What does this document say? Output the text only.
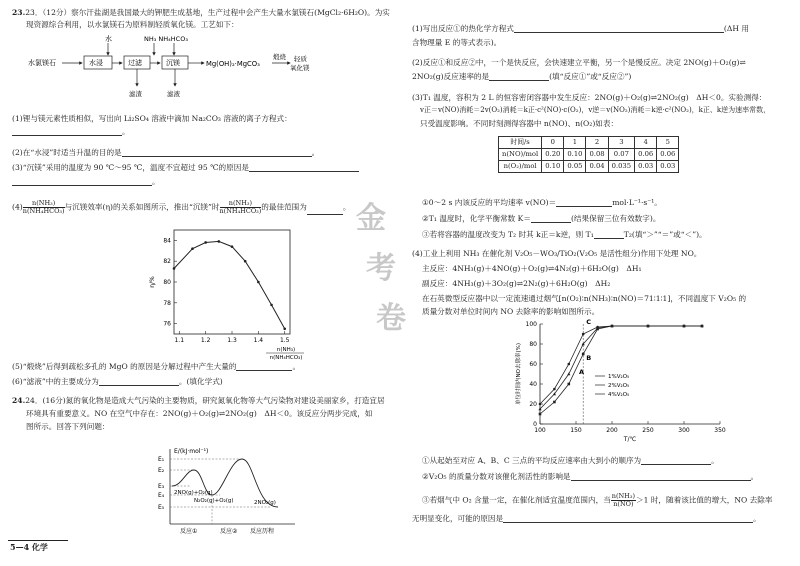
23.23．（12分）察尔汗盐湖是我国最大的钾肥生成基地，生产过程中会产生大量水氯镁石(MgCl₂·6H₂O)。为实
现资源综合利用，以水氯镁石为原料制轻质氧化镁。工艺如下：
水	NH₃ NH₄HCO₃
水氯镁石	水浸	过滤	沉镁	Mg(OH)₂·MgCO₃
煅烧 轻质
氧化镁
滤渣	滤液
(1)锂与镁元素性质相似，写出向 Li₂SO₄ 溶液中滴加 Na₂CO₃ 溶液的离子方程式：
。
(2)在“水浸”时适当升温的目的是	。
(3)“沉镁”采用的温度为 90 ℃～95 ℃，温度不宜超过 95 ℃的原因是
。
$(4) \frac{\text{n(NH₃)}}{\text{n(NH₄HCO₃)}}$ 与沉镁效率(η)的关系如图所示，推出“沉镁”时 $\frac{\text{n(NH₃)}}{\text{n(NH₄HCO₃)}}$ 的最佳范围为	。
84
82
80
78
76
1.1	1.2	1.3	1.4	1.5
η/%
n(NH₃)
n(NH₄HCO₃)
(5)“煅烧”后得到疏松多孔的 MgO 的原因是分解过程中产生大量的	。
(6)“滤液”中的主要成分为	。(填化学式)
24.24．(16分)氮的氧化物是造成大气污染的主要物质，研究氮氧化物等大气污染物对建设美丽家乡，打造宜居
环境具有重要意义。NO 在空气中存在：2NO(g)＋O₂(g)⇌2NO₂(g)　ΔH＜0。该反应分两步完成，如
图所示。回答下列问题：
E/(kJ·mol⁻¹)
E₁
E₂
E₃
E₄
E₅
2NO(g)+O₂(g)
N₂O₂(g)+O₂(g)	2NO₂(g)
反应①	反应② 反应历程
5—4 化学
(1)写出反应①的热化学方程式	(ΔH 用
含物理量 E 的等式表示)。
(2)反应①和反应②中，一个是快反应，会快速建立平衡，另一个是慢反应。决定 2NO(g)＋O₂(g)⇌
2NO₂(g)反应速率的是	(填“反应①”或“反应②”)
(3)T₁ 温度，容积为 2 L 的恒容密闭容器中发生反应：2NO(g)＋O₂(g)⇌2NO₂(g)　ΔH＜0。实验测得：
v正＝v(NO)消耗＝2v(O₂)消耗＝k正·c²(NO)·c(O₂)，v逆＝v(NO₂)消耗＝k逆·c²(NO₂)，k正、k逆为速率常数，
只受温度影响。不同时刻测得容器中 n(NO)、n(O₂)如表：
时间/s	0	1	2	3	4	5
n(NO)/mol	0.20	0.10	0.08	0.07	0.06	0.06
n(O₂)/mol	0.10	0.05	0.04	0.035	0.03	0.03
①0～2 s 内该反应的平均速率 v(NO)＝	mol·L⁻¹·s⁻¹。
②T₁ 温度时，化学平衡常数 K＝	(结果保留三位有效数字)。
③若将容器的温度改变为 T₂ 时其 k正＝k逆，则 T₁	T₂(填“＞”“＝”或“＜”)。
(4)工业上利用 NH₃ 在催化剂 V₂O₅－WO₃/TiO₂(V₂O₅ 是活性组分)作用下处理 NO。
主反应：4NH₃(g)＋4NO(g)＋O₂(g)⇌4N₂(g)＋6H₂O(g)　ΔH₁
副反应：4NH₃(g)＋3O₂(g)⇌2N₂(g)＋6H₂O(g)　ΔH₂
在石英微型反应器中以一定流速通过烟气[n(O₂)∶n(NH₃)∶n(NO)＝71∶1∶1]，不同温度下 V₂O₅ 的
质量分数对单位时间内 NO 去除率的影响如图所示。
100
80
60
40
20
0
100	150	200	250	300	350
单位时间内NO去除率(%)
T/℃
A
B
C
1%V₂O₅
2%V₂O₅
4%V₂O₅
①从起始至对应 A、B、C 三点的平均反应速率由大到小的顺序为	。
②V₂O₅ 的质量分数对该催化剂活性的影响是	。
③若烟气中 O₂ 含量一定，在催化剂适宜温度范围内，当 $\frac{\text{n(NH₃)}}{n(NO)} >1$ 时，随着该比值的增大，NO 去除率
无明显变化，可能的原因是	。
金
考
卷
